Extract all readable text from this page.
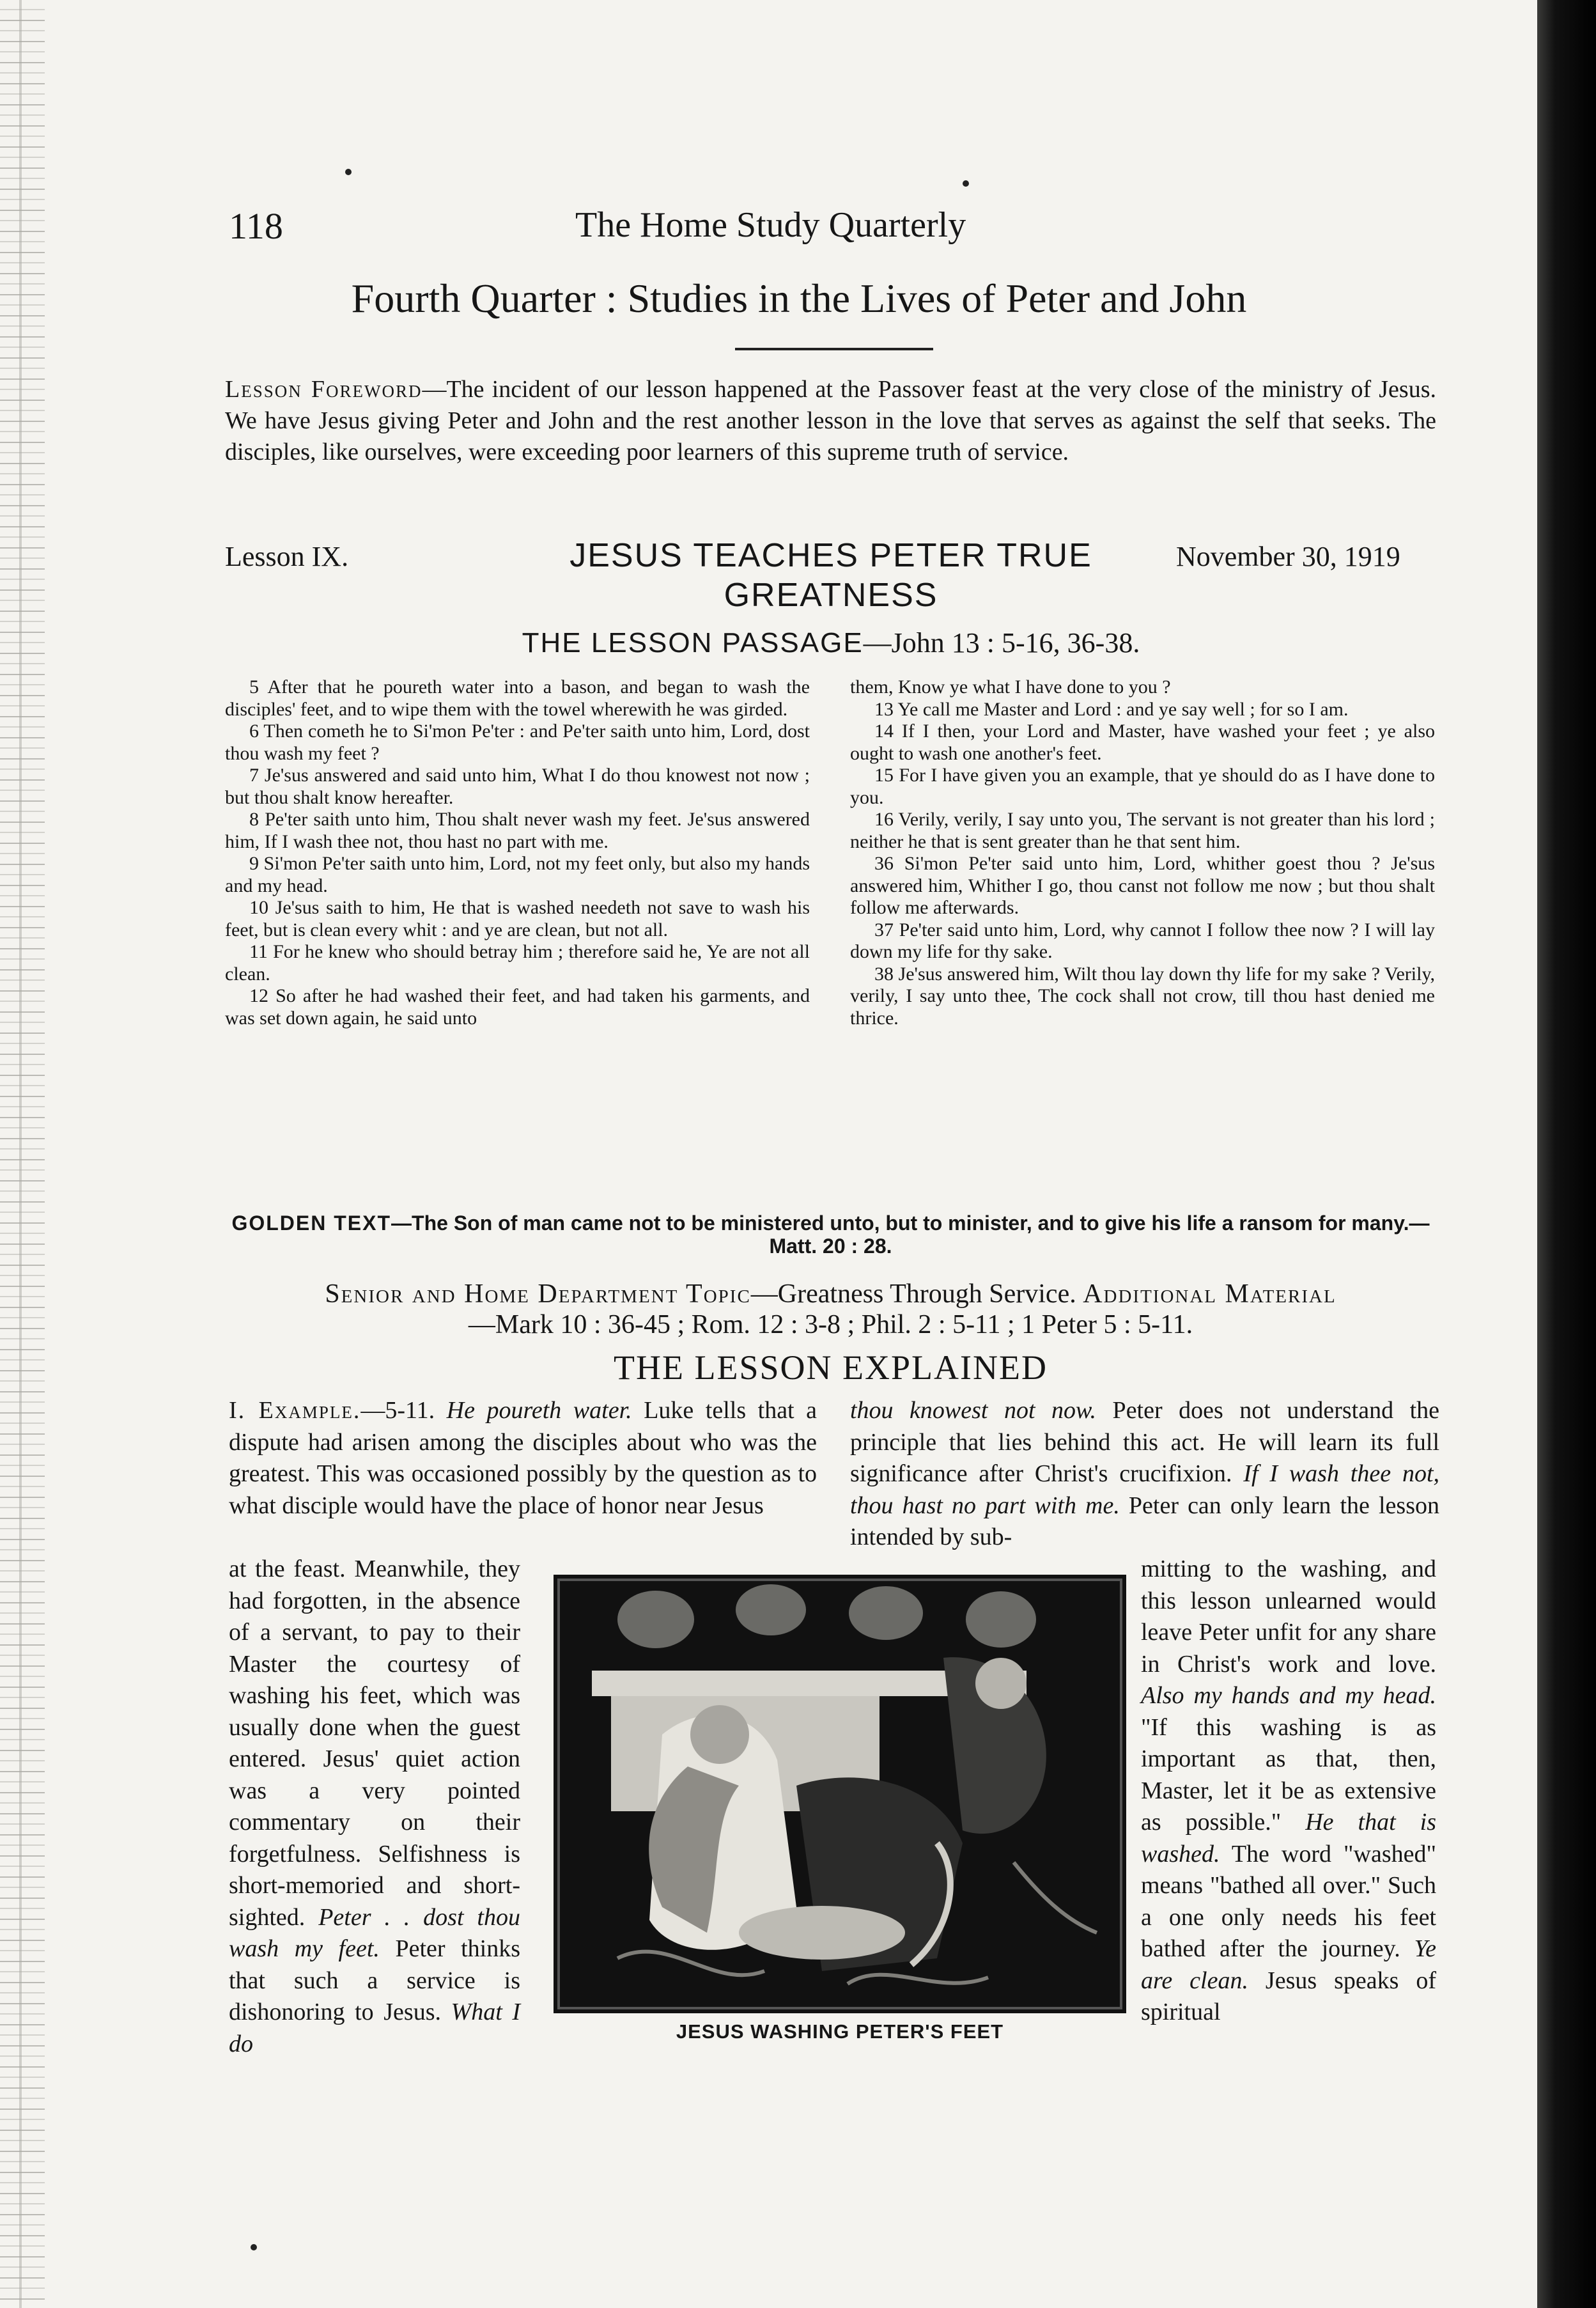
118	The Home Study Quarterly
Fourth Quarter : Studies in the Lives of Peter and John
Lesson Foreword—The incident of our lesson happened at the Passover feast at the very close of the ministry of Jesus. We have Jesus giving Peter and John and the rest another lesson in the love that serves as against the self that seeks. The disciples, like ourselves, were exceeding poor learners of this supreme truth of service.
Lesson IX.	JESUS TEACHES PETER TRUE GREATNESS
November 30, 1919
THE LESSON PASSAGE—John 13 : 5-16, 36-38.

5 After that he poureth water into a bason, and began to wash the disciples' feet, and to wipe them with the towel wherewith he was girded.

6 Then cometh he to Si'mon Pe'ter : and Pe'ter saith unto him, Lord, dost thou wash my feet ?

7 Je'sus answered and said unto him, What I do thou knowest not now ; but thou shalt know hereafter.

8 Pe'ter saith unto him, Thou shalt never wash my feet. Je'sus answered him, If I wash thee not, thou hast no part with me.

9 Si'mon Pe'ter saith unto him, Lord, not my feet only, but also my hands and my head.

10 Je'sus saith to him, He that is washed needeth not save to wash his feet, but is clean every whit : and ye are clean, but not all.

11 For he knew who should betray him ; therefore said he, Ye are not all clean.

12 So after he had washed their feet, and had taken his garments, and was set down again, he said unto

them, Know ye what I have done to you ?

13 Ye call me Master and Lord : and ye say well ; for so I am.

14 If I then, your Lord and Master, have washed your feet ; ye also ought to wash one another's feet.

15 For I have given you an example, that ye should do as I have done to you.

16 Verily, verily, I say unto you, The servant is not greater than his lord ; neither he that is sent greater than he that sent him.

36 Si'mon Pe'ter said unto him, Lord, whither goest thou ? Je'sus answered him, Whither I go, thou canst not follow me now ; but thou shalt follow me afterwards.

37 Pe'ter said unto him, Lord, why cannot I follow thee now ? I will lay down my life for thy sake.

38 Je'sus answered him, Wilt thou lay down thy life for my sake ? Verily, verily, I say unto thee, The cock shall not crow, till thou hast denied me thrice.

GOLDEN TEXT—The Son of man came not to be ministered unto, but to minister, and to give his life a ransom for many.—Matt. 20 : 28.
Senior and Home Department Topic—Greatness Through Service. Additional Material
—Mark 10 : 36-45 ; Rom. 12 : 3-8 ; Phil. 2 : 5-11 ; 1 Peter 5 : 5-11.
THE LESSON EXPLAINED

I. Example.—5-11. He poureth water. Luke tells that a dispute had arisen among the disciples about who was the greatest. This was occasioned possibly by the question as to what disciple would have the place of honor near Jesus

thou knowest not now. Peter does not understand the principle that lies behind this act. He will learn its full significance after Christ's crucifixion. If I wash thee not, thou hast no part with me. Peter can only learn the lesson intended by sub-

at the feast. Meanwhile, they had forgotten, in the absence of a servant, to pay to their Master the courtesy of washing his feet, which was usually done when the guest entered. Jesus' quiet action was a very pointed commentary on their forgetfulness. Selfishness is short-memoried and short-sighted. Peter . . dost thou wash my feet. Peter thinks that such a service is dishonoring to Jesus. What I do

mitting to the washing, and this lesson unlearned would leave Peter unfit for any share in Christ's work and love. Also my hands and my head. "If this washing is as important as that, then, Master, let it be as extensive as possible." He that is washed. The word "washed" means "bathed all over." Such a one only needs his feet bathed after the journey. Ye are clean. Jesus speaks of spiritual

JESUS WASHING PETER'S FEET
